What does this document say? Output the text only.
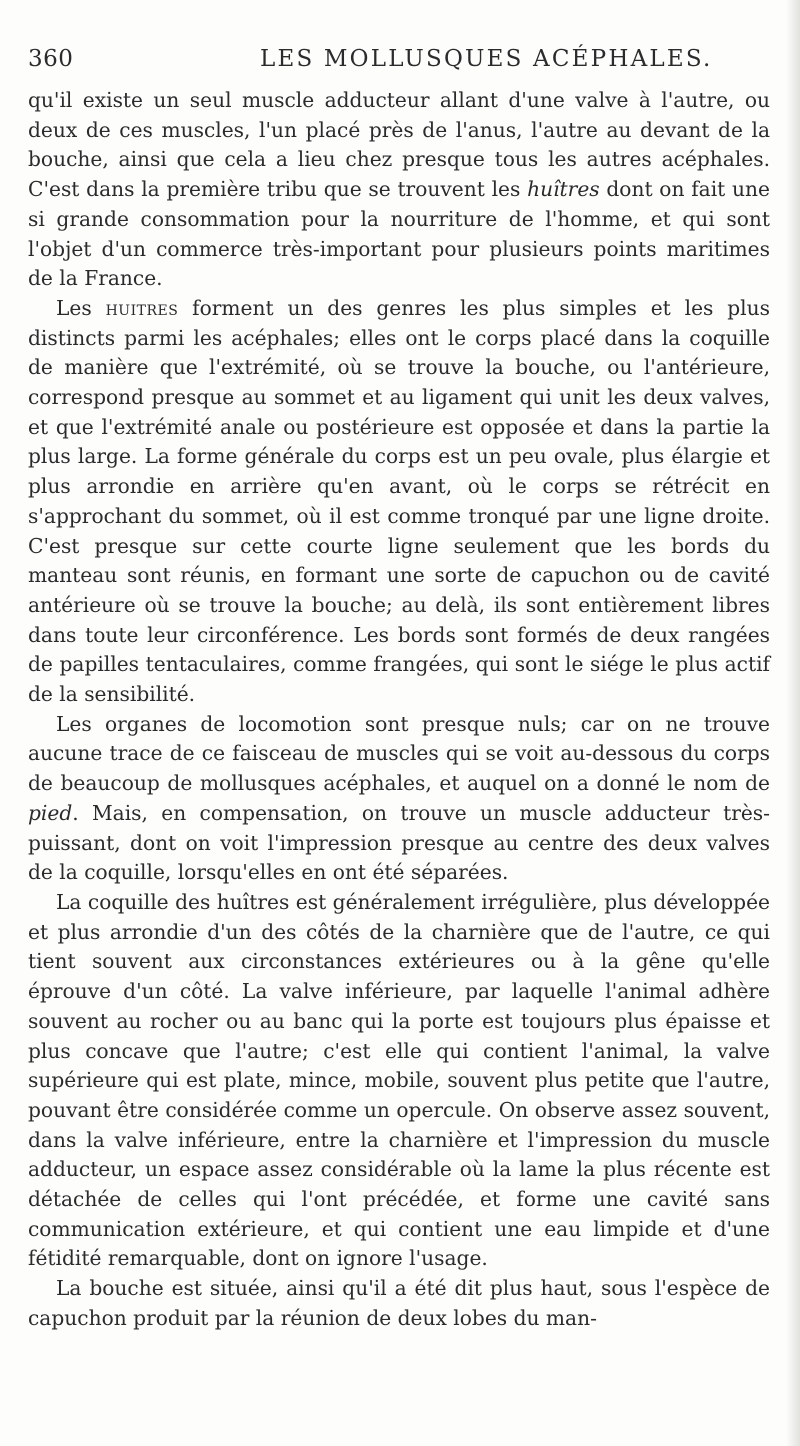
360	LES MOLLUSQUES ACÉPHALES.

qu'il existe un seul muscle adducteur allant d'une valve à l'autre, ou deux de ces muscles, l'un placé près de l'anus, l'autre au devant de la bouche, ainsi que cela a lieu chez presque tous les autres acéphales. C'est dans la première tribu que se trouvent les huîtres dont on fait une si grande consommation pour la nourriture de l'homme, et qui sont l'objet d'un commerce très-important pour plusieurs points maritimes de la France.

Les huitres forment un des genres les plus simples et les plus distincts parmi les acéphales; elles ont le corps placé dans la coquille de manière que l'extrémité, où se trouve la bouche, ou l'antérieure, correspond presque au sommet et au ligament qui unit les deux valves, et que l'extrémité anale ou postérieure est opposée et dans la partie la plus large. La forme générale du corps est un peu ovale, plus élargie et plus arrondie en arrière qu'en avant, où le corps se rétrécit en s'approchant du sommet, où il est comme tronqué par une ligne droite. C'est presque sur cette courte ligne seulement que les bords du manteau sont réunis, en formant une sorte de capuchon ou de cavité antérieure où se trouve la bouche; au delà, ils sont entièrement libres dans toute leur circonférence. Les bords sont formés de deux rangées de papilles tentaculaires, comme frangées, qui sont le siége le plus actif de la sensibilité.

Les organes de locomotion sont presque nuls; car on ne trouve aucune trace de ce faisceau de muscles qui se voit au-dessous du corps de beaucoup de mollusques acéphales, et auquel on a donné le nom de pied. Mais, en compensation, on trouve un muscle adducteur très-puissant, dont on voit l'impression presque au centre des deux valves de la coquille, lorsqu'elles en ont été séparées.

La coquille des huîtres est généralement irrégulière, plus développée et plus arrondie d'un des côtés de la charnière que de l'autre, ce qui tient souvent aux circonstances extérieures ou à la gêne qu'elle éprouve d'un côté. La valve inférieure, par laquelle l'animal adhère souvent au rocher ou au banc qui la porte est toujours plus épaisse et plus concave que l'autre; c'est elle qui contient l'animal, la valve supérieure qui est plate, mince, mobile, souvent plus petite que l'autre, pouvant être considérée comme un opercule. On observe assez souvent, dans la valve inférieure, entre la charnière et l'impression du muscle adducteur, un espace assez considérable où la lame la plus récente est détachée de celles qui l'ont précédée, et forme une cavité sans communication extérieure, et qui contient une eau limpide et d'une fétidité remarquable, dont on ignore l'usage.

La bouche est située, ainsi qu'il a été dit plus haut, sous l'espèce de capuchon produit par la réunion de deux lobes du man-
